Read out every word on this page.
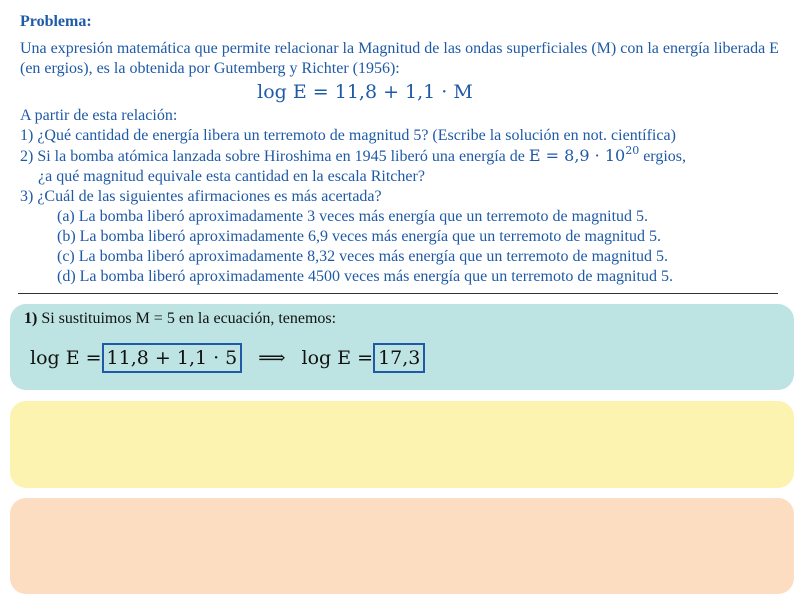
Problema:

Una expresión matemática que permite relacionar la Magnitud de las ondas superficiales (M) con la energía liberada E (en ergios), es la obtenida por Gutemberg y Richter (1956):

log E = 11,8 + 1,1 · M

A partir de esta relación:

1) ¿Qué cantidad de energía libera un terremoto de magnitud 5? (Escribe la solución en not. científica)

2) Si la bomba atómica lanzada sobre Hiroshima en 1945 liberó una energía de $E = 8,9 \cdot 10^{20}$ ergios,

¿a qué magnitud equivale esta cantidad en la escala Ritcher?

3) ¿Cuál de las siguientes afirmaciones es más acertada?

(a) La bomba liberó aproximadamente 3 veces más energía que un terremoto de magnitud 5.

(b) La bomba liberó aproximadamente 6,9 veces más energía que un terremoto de magnitud 5.

(c) La bomba liberó aproximadamente 8,32 veces más energía que un terremoto de magnitud 5.

(d) La bomba liberó aproximadamente 4500 veces más energía que un terremoto de magnitud 5.

1) Si sustituimos M = 5 en la ecuación, tenemos:
log E = 11,8 + 1,1 · 5 ⟹ log E = 17,3
